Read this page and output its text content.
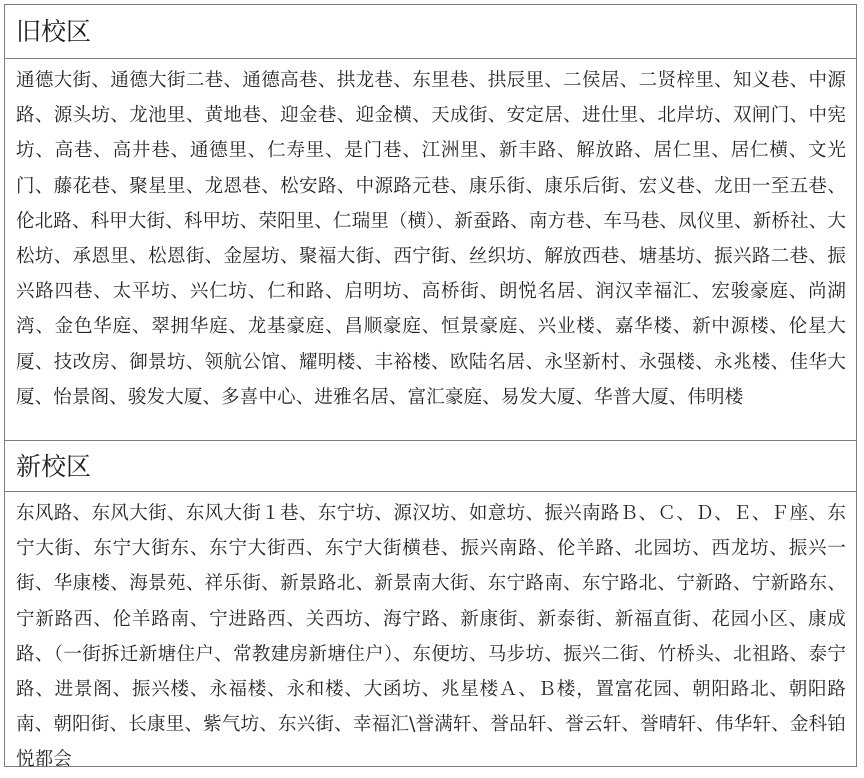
旧校区
通德大街、通德大街二巷、通德高巷、拱龙巷、东里巷、拱辰里、二侯居、二贤梓里、知义巷、中源路、源头坊、龙池里、黄地巷、迎金巷、迎金横、天成街、安定居、进仕里、北岸坊、双闸门、中宪坊、高巷、高井巷、通德里、仁寿里、是门巷、江洲里、新丰路、解放路、居仁里、居仁横、文光门、藤花巷、聚星里、龙恩巷、松安路、中源路元巷、康乐街、康乐后街、宏义巷、龙田一至五巷、伦北路、科甲大街、科甲坊、荣阳里、仁瑞里（横）、新蚕路、南方巷、车马巷、凤仪里、新桥社、大松坊、承恩里、松恩街、金屋坊、聚福大街、西宁街、丝织坊、解放西巷、塘基坊、振兴路二巷、振兴路四巷、太平坊、兴仁坊、仁和路、启明坊、高桥街、朗悦名居、润汉幸福汇、宏骏豪庭、尚湖湾、金色华庭、翠拥华庭、龙基豪庭、昌顺豪庭、恒景豪庭、兴业楼、嘉华楼、新中源楼、伦星大厦、技改房、御景坊、领航公馆、耀明楼、丰裕楼、欧陆名居、永坚新村、永强楼、永兆楼、佳华大厦、怡景阁、骏发大厦、多喜中心、进雅名居、富汇豪庭、易发大厦、华普大厦、伟明楼
新校区
东风路、东风大街、东风大街１巷、东宁坊、源汉坊、如意坊、振兴南路Ｂ、Ｃ、Ｄ、Ｅ、Ｆ座、东宁大街、东宁大街东、东宁大街西、东宁大街横巷、振兴南路、伦羊路、北园坊、西龙坊、振兴一街、华康楼、海景苑、祥乐街、新景路北、新景南大街、东宁路南、东宁路北、宁新路、宁新路东、宁新路西、伦羊路南、宁进路西、关西坊、海宁路、新康街、新泰街、新福直街、花园小区、康成路、（一街拆迁新塘住户、常教建房新塘住户）、东便坊、马步坊、振兴二街、竹桥头、北祖路、泰宁路、进景阁、振兴楼、永福楼、永和楼、大函坊、兆星楼Ａ、Ｂ楼，置富花园、朝阳路北、朝阳路南、朝阳街、长康里、紫气坊、东兴街、幸福汇\誉满轩、誉品轩、誉云轩、誉晴轩、伟华轩、金科铂悦都会
